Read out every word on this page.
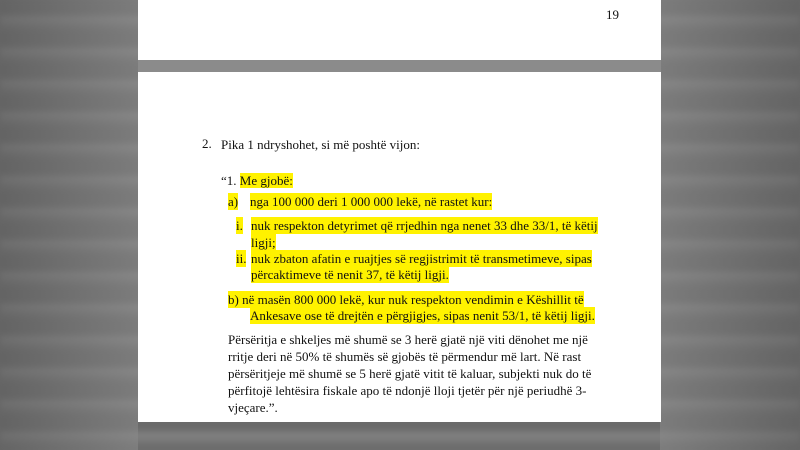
19
2. Pika 1 ndryshohet, si më poshtë vijon:
“1. Me gjobë:
a) nga 100 000 deri 1 000 000 lekë, në rastet kur:
i. nuk respekton detyrimet që rrjedhin nga nenet 33 dhe 33/1, të këtij
ligji;
ii. nuk zbaton afatin e ruajtjes së regjistrimit të transmetimeve, sipas
përcaktimeve të nenit 37, të këtij ligji.
b) në masën 800 000 lekë, kur nuk respekton vendimin e Këshillit të
Ankesave ose të drejtën e përgjigjes, sipas nenit 53/1, të këtij ligji.
Përsëritja e shkeljes më shumë se 3 herë gjatë një viti dënohet me një
rritje deri në 50% të shumës së gjobës të përmendur më lart. Në rast
përsëritjeje më shumë se 5 herë gjatë vitit të kaluar, subjekti nuk do të
përfitojë lehtësira fiskale apo të ndonjë lloji tjetër për një periudhë 3-
vjeçare.”.
